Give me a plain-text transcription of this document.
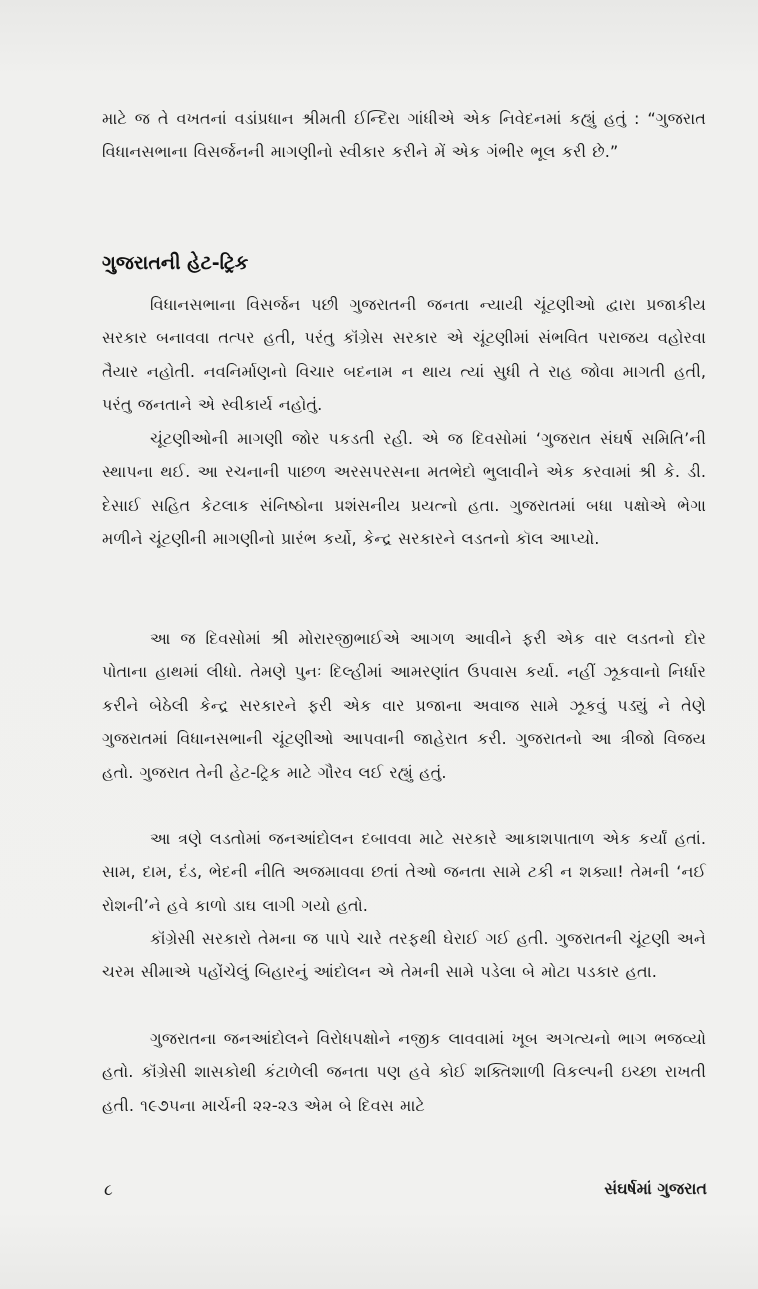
માટે જ તે વખતનાં વડાંપ્રધાન શ્રીમતી ઈન્દિરા ગાંધીએ એક નિવેદનમાં કહ્યું હતું : “ગુજરાત વિધાનસભાના વિસર્જનની માગણીનો સ્વીકાર કરીને મેં એક ગંભીર ભૂલ કરી છે.”

ગુજરાતની હેટ-ટ્રિક

વિધાનસભાના વિસર્જન પછી ગુજરાતની જનતા ન્યાયી ચૂંટણીઓ દ્વારા પ્રજાકીય સરકાર બનાવવા તત્પર હતી, પરંતુ કૉંગ્રેસ સરકાર એ ચૂંટણીમાં સંભવિત પરાજય વહોરવા તૈયાર નહોતી. નવનિર્માણનો વિચાર બદનામ ન થાય ત્યાં સુધી તે રાહ જોવા માગતી હતી, પરંતુ જનતાને એ સ્વીકાર્ય નહોતું.

ચૂંટણીઓની માગણી જોર પકડતી રહી. એ જ દિવસોમાં ‘ગુજરાત સંઘર્ષ સમિતિ’ની સ્થાપના થઈ. આ રચનાની પાછળ અરસપરસના મતભેદો ભુલાવીને એક કરવામાં શ્રી કે. ડી. દેસાઈ સહિત કેટલાક સંનિષ્ઠોના પ્રશંસનીય પ્રયત્નો હતા. ગુજરાતમાં બધા પક્ષોએ ભેગા મળીને ચૂંટણીની માગણીનો પ્રારંભ કર્યો, કેન્દ્ર સરકારને લડતનો કૉલ આપ્યો.

આ જ દિવસોમાં શ્રી મોરારજીભાઈએ આગળ આવીને ફરી એક વાર લડતનો દોર પોતાના હાથમાં લીધો. તેમણે પુનઃ દિલ્હીમાં આમરણાંત ઉપવાસ કર્યા. નહીં ઝૂકવાનો નિર્ધાર કરીને બેઠેલી કેન્દ્ર સરકારને ફરી એક વાર પ્રજાના અવાજ સામે ઝૂકવું પડ્યું ને તેણે ગુજરાતમાં વિધાનસભાની ચૂંટણીઓ આપવાની જાહેરાત કરી. ગુજરાતનો આ ત્રીજો વિજય હતો. ગુજરાત તેની હેટ-ટ્રિક માટે ગૌરવ લઈ રહ્યું હતું.

આ ત્રણે લડતોમાં જનઆંદોલન દબાવવા માટે સરકારે આકાશપાતાળ એક કર્યાં હતાં. સામ, દામ, દંડ, ભેદની નીતિ અજમાવવા છતાં તેઓ જનતા સામે ટકી ન શક્યા! તેમની ‘નઈ રોશની’ને હવે કાળો ડાઘ લાગી ગયો હતો.

કૉંગ્રેસી સરકારો તેમના જ પાપે ચારે તરફથી ઘેરાઈ ગઈ હતી. ગુજરાતની ચૂંટણી અને ચરમ સીમાએ પહોંચેલું બિહારનું આંદોલન એ તેમની સામે પડેલા બે મોટા પડકાર હતા.

ગુજરાતના જનઆંદોલને વિરોધપક્ષોને નજીક લાવવામાં ખૂબ અગત્યનો ભાગ ભજવ્યો હતો. કૉંગ્રેસી શાસકોથી કંટાળેલી જનતા પણ હવે કોઈ શક્તિશાળી વિકલ્પની ઇચ્છા રાખતી હતી. ૧૯૭૫ના માર્ચની ૨૨-૨૩ એમ બે દિવસ માટે

૮	સંઘર્ષમાં ગુજરાત
